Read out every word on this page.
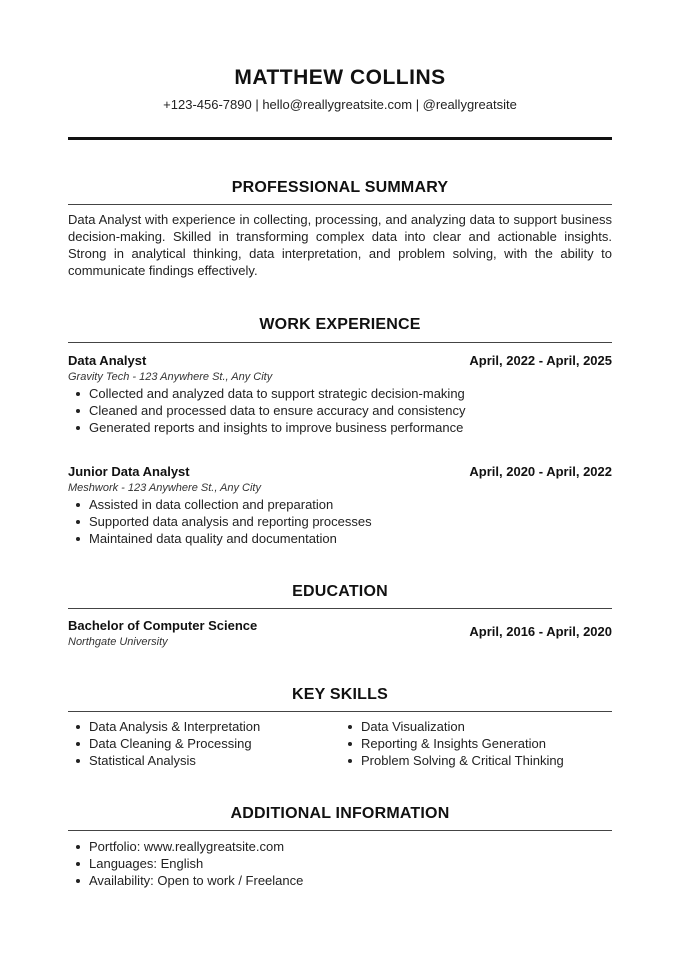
MATTHEW COLLINS
+123-456-7890 | hello@reallygreatsite.com | @reallygreatsite
PROFESSIONAL SUMMARY

Data Analyst with experience in collecting, processing, and analyzing data to support business decision-making. Skilled in transforming complex data into clear and actionable insights. Strong in analytical thinking, data interpretation, and problem solving, with the ability to communicate findings effectively.

WORK EXPERIENCE
Data Analyst	April, 2022 - April, 2025
Gravity Tech - 123 Anywhere St., Any City
Collected and analyzed data to support strategic decision-making
Cleaned and processed data to ensure accuracy and consistency
Generated reports and insights to improve business performance
Junior Data Analyst	April, 2020 - April, 2022
Meshwork - 123 Anywhere St., Any City
Assisted in data collection and preparation
Supported data analysis and reporting processes
Maintained data quality and documentation
EDUCATION
Bachelor of Computer Science	April, 2016 - April, 2020
Northgate University
KEY SKILLS
Data Analysis & Interpretation
Data Cleaning & Processing
Statistical Analysis
Data Visualization
Reporting & Insights Generation
Problem Solving & Critical Thinking
ADDITIONAL INFORMATION
Portfolio: www.reallygreatsite.com
Languages: English
Availability: Open to work / Freelance
